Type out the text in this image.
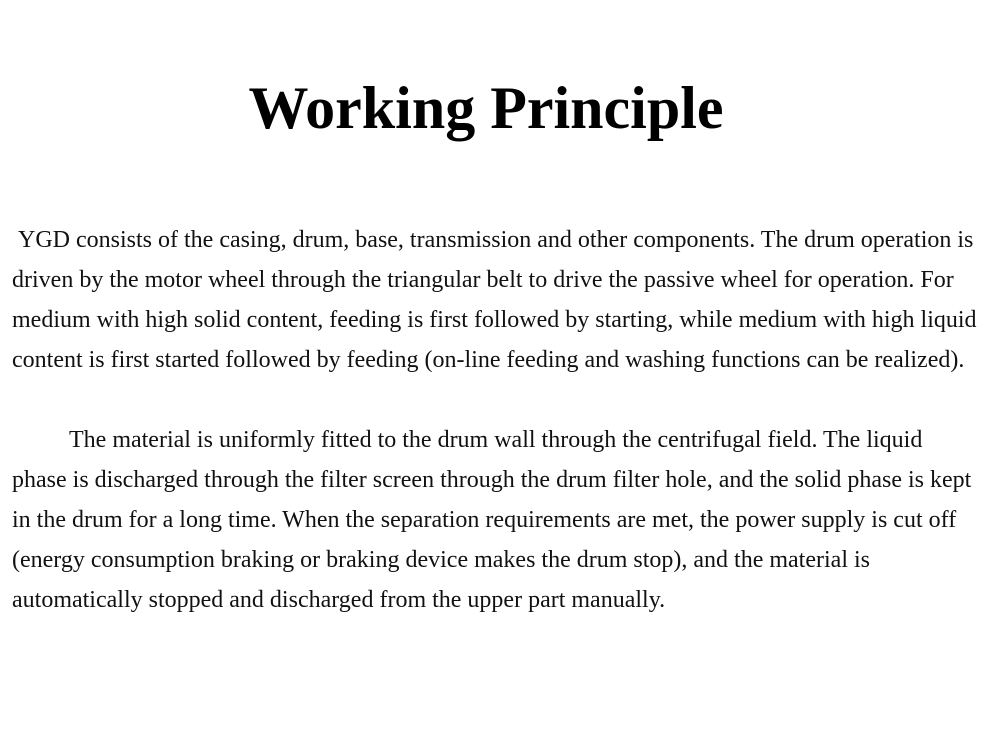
Working Principle

YGD consists of the casing, drum, base, transmission and other components. The drum operation is driven by the motor wheel through the triangular belt to drive the passive wheel for operation. For medium with high solid content, feeding is first followed by starting, while medium with high liquid content is first started followed by feeding (on-line feeding and washing functions can be realized).

The material is uniformly fitted to the drum wall through the centrifugal field. The liquid phase is discharged through the filter screen through the drum filter hole, and the solid phase is kept in the drum for a long time. When the separation requirements are met, the power supply is cut off (energy consumption braking or braking device makes the drum stop), and the material is automatically stopped and discharged from the upper part manually.
